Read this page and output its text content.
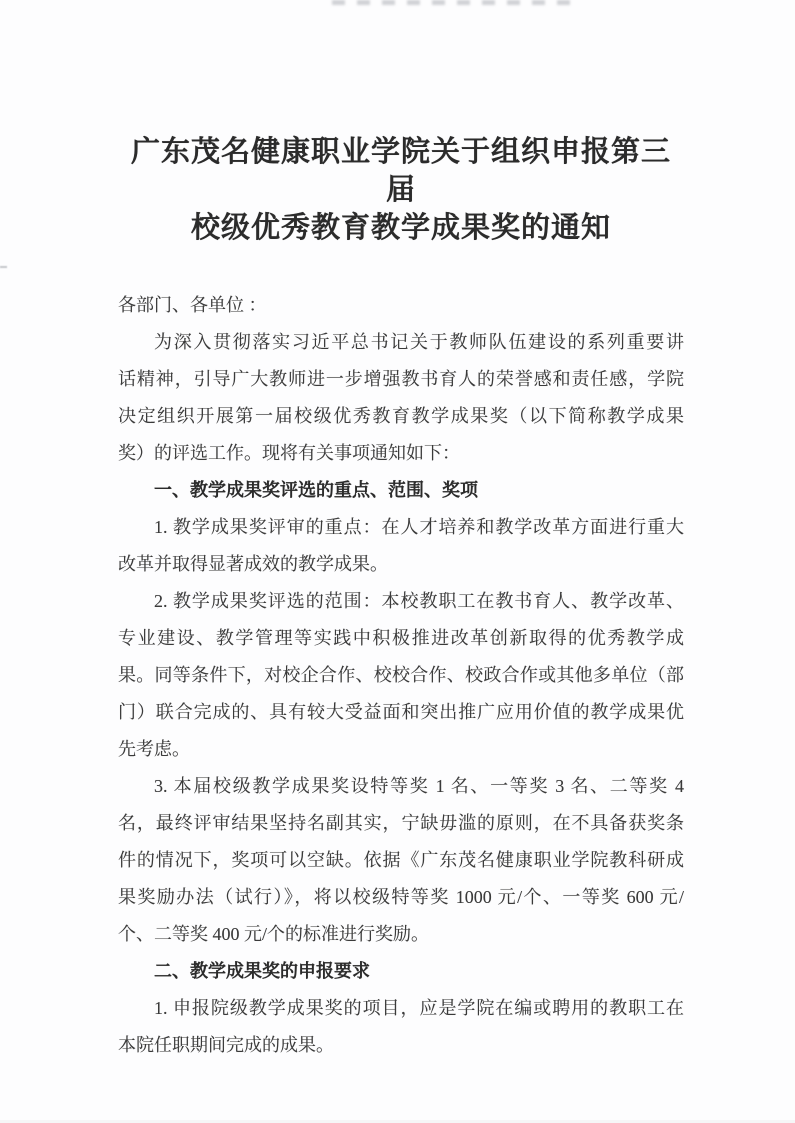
广东茂名健康职业学院关于组织申报第三届
校级优秀教育教学成果奖的通知
各部门、各单位 ：
为深入贯彻落实习近平总书记关于教师队伍建设的系列重要讲
话精神，引导广大教师进一步增强教书育人的荣誉感和责任感，学院
决定组织开展第一届校级优秀教育教学成果奖（以下简称教学成果
奖）的评选工作。现将有关事项通知如下：
一、教学成果奖评选的重点、范围、奖项
1. 教学成果奖评审的重点：在人才培养和教学改革方面进行重大
改革并取得显著成效的教学成果。
2. 教学成果奖评选的范围：本校教职工在教书育人、教学改革、
专业建设、教学管理等实践中积极推进改革创新取得的优秀教学成
果。同等条件下，对校企合作、校校合作、校政合作或其他多单位（部
门）联合完成的、具有较大受益面和突出推广应用价值的教学成果优
先考虑。
3. 本届校级教学成果奖设特等奖 1 名、一等奖 3 名、二等奖 4
名，最终评审结果坚持名副其实，宁缺毋滥的原则，在不具备获奖条
件的情况下，奖项可以空缺。依据《广东茂名健康职业学院教科研成
果奖励办法（试行）》，将以校级特等奖 1000 元/个、一等奖 600 元/
个、二等奖 400 元/个的标准进行奖励。
二、教学成果奖的申报要求
1. 申报院级教学成果奖的项目，应是学院在编或聘用的教职工在
本院任职期间完成的成果。
